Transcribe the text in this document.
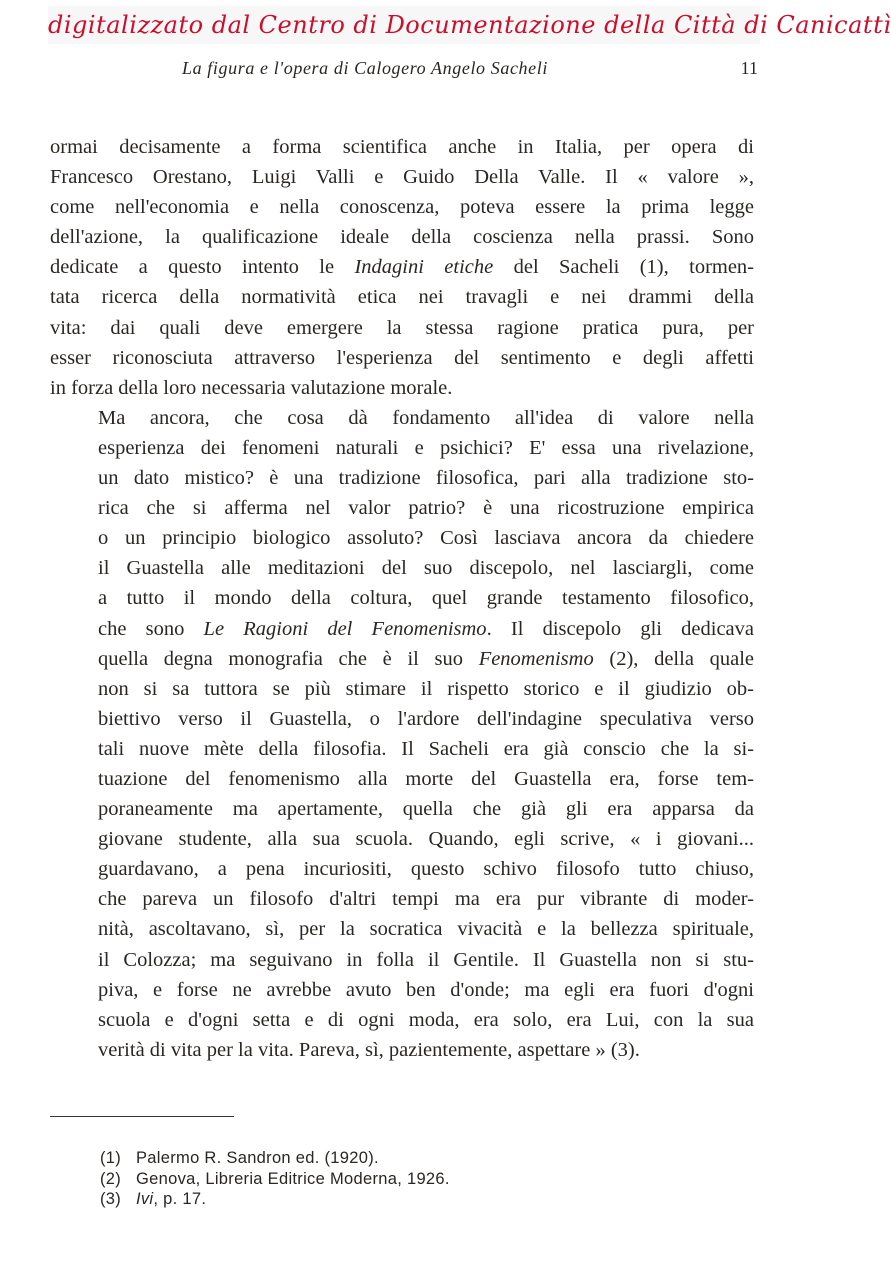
digitalizzato dal Centro di Documentazione della Città di Canicattì
La figura e l'opera di Calogero Angelo Sacheli	11

ormai decisamente a forma scientifica anche in Italia, per opera di
Francesco Orestano, Luigi Valli e Guido Della Valle. Il « valore »,
come nell'economia e nella conoscenza, poteva essere la prima legge
dell'azione, la qualificazione ideale della coscienza nella prassi. Sono
dedicate a questo intento le Indagini etiche del Sacheli (1), tormen-
tata ricerca della normatività etica nei travagli e nei drammi della
vita: dai quali deve emergere la stessa ragione pratica pura, per
esser riconosciuta attraverso l'esperienza del sentimento e degli affetti
in forza della loro necessaria valutazione morale.

Ma ancora, che cosa dà fondamento all'idea di valore nella
esperienza dei fenomeni naturali e psichici? E' essa una rivelazione,
un dato mistico? è una tradizione filosofica, pari alla tradizione sto-
rica che si afferma nel valor patrio? è una ricostruzione empirica
o un principio biologico assoluto? Così lasciava ancora da chiedere
il Guastella alle meditazioni del suo discepolo, nel lasciargli, come
a tutto il mondo della coltura, quel grande testamento filosofico,
che sono Le Ragioni del Fenomenismo. Il discepolo gli dedicava
quella degna monografia che è il suo Fenomenismo (2), della quale
non si sa tuttora se più stimare il rispetto storico e il giudizio ob-
biettivo verso il Guastella, o l'ardore dell'indagine speculativa verso
tali nuove mète della filosofia. Il Sacheli era già conscio che la si-
tuazione del fenomenismo alla morte del Guastella era, forse tem-
poraneamente ma apertamente, quella che già gli era apparsa da
giovane studente, alla sua scuola. Quando, egli scrive, « i giovani...
guardavano, a pena incuriositi, questo schivo filosofo tutto chiuso,
che pareva un filosofo d'altri tempi ma era pur vibrante di moder-
nità, ascoltavano, sì, per la socratica vivacità e la bellezza spirituale,
il Colozza; ma seguivano in folla il Gentile. Il Guastella non si stu-
piva, e forse ne avrebbe avuto ben d'onde; ma egli era fuori d'ogni
scuola e d'ogni setta e di ogni moda, era solo, era Lui, con la sua
verità di vita per la vita. Pareva, sì, pazientemente, aspettare » (3).

(1) Palermo R. Sandron ed. (1920).
(2) Genova, Libreria Editrice Moderna, 1926.
(3) Ivi, p. 17.
